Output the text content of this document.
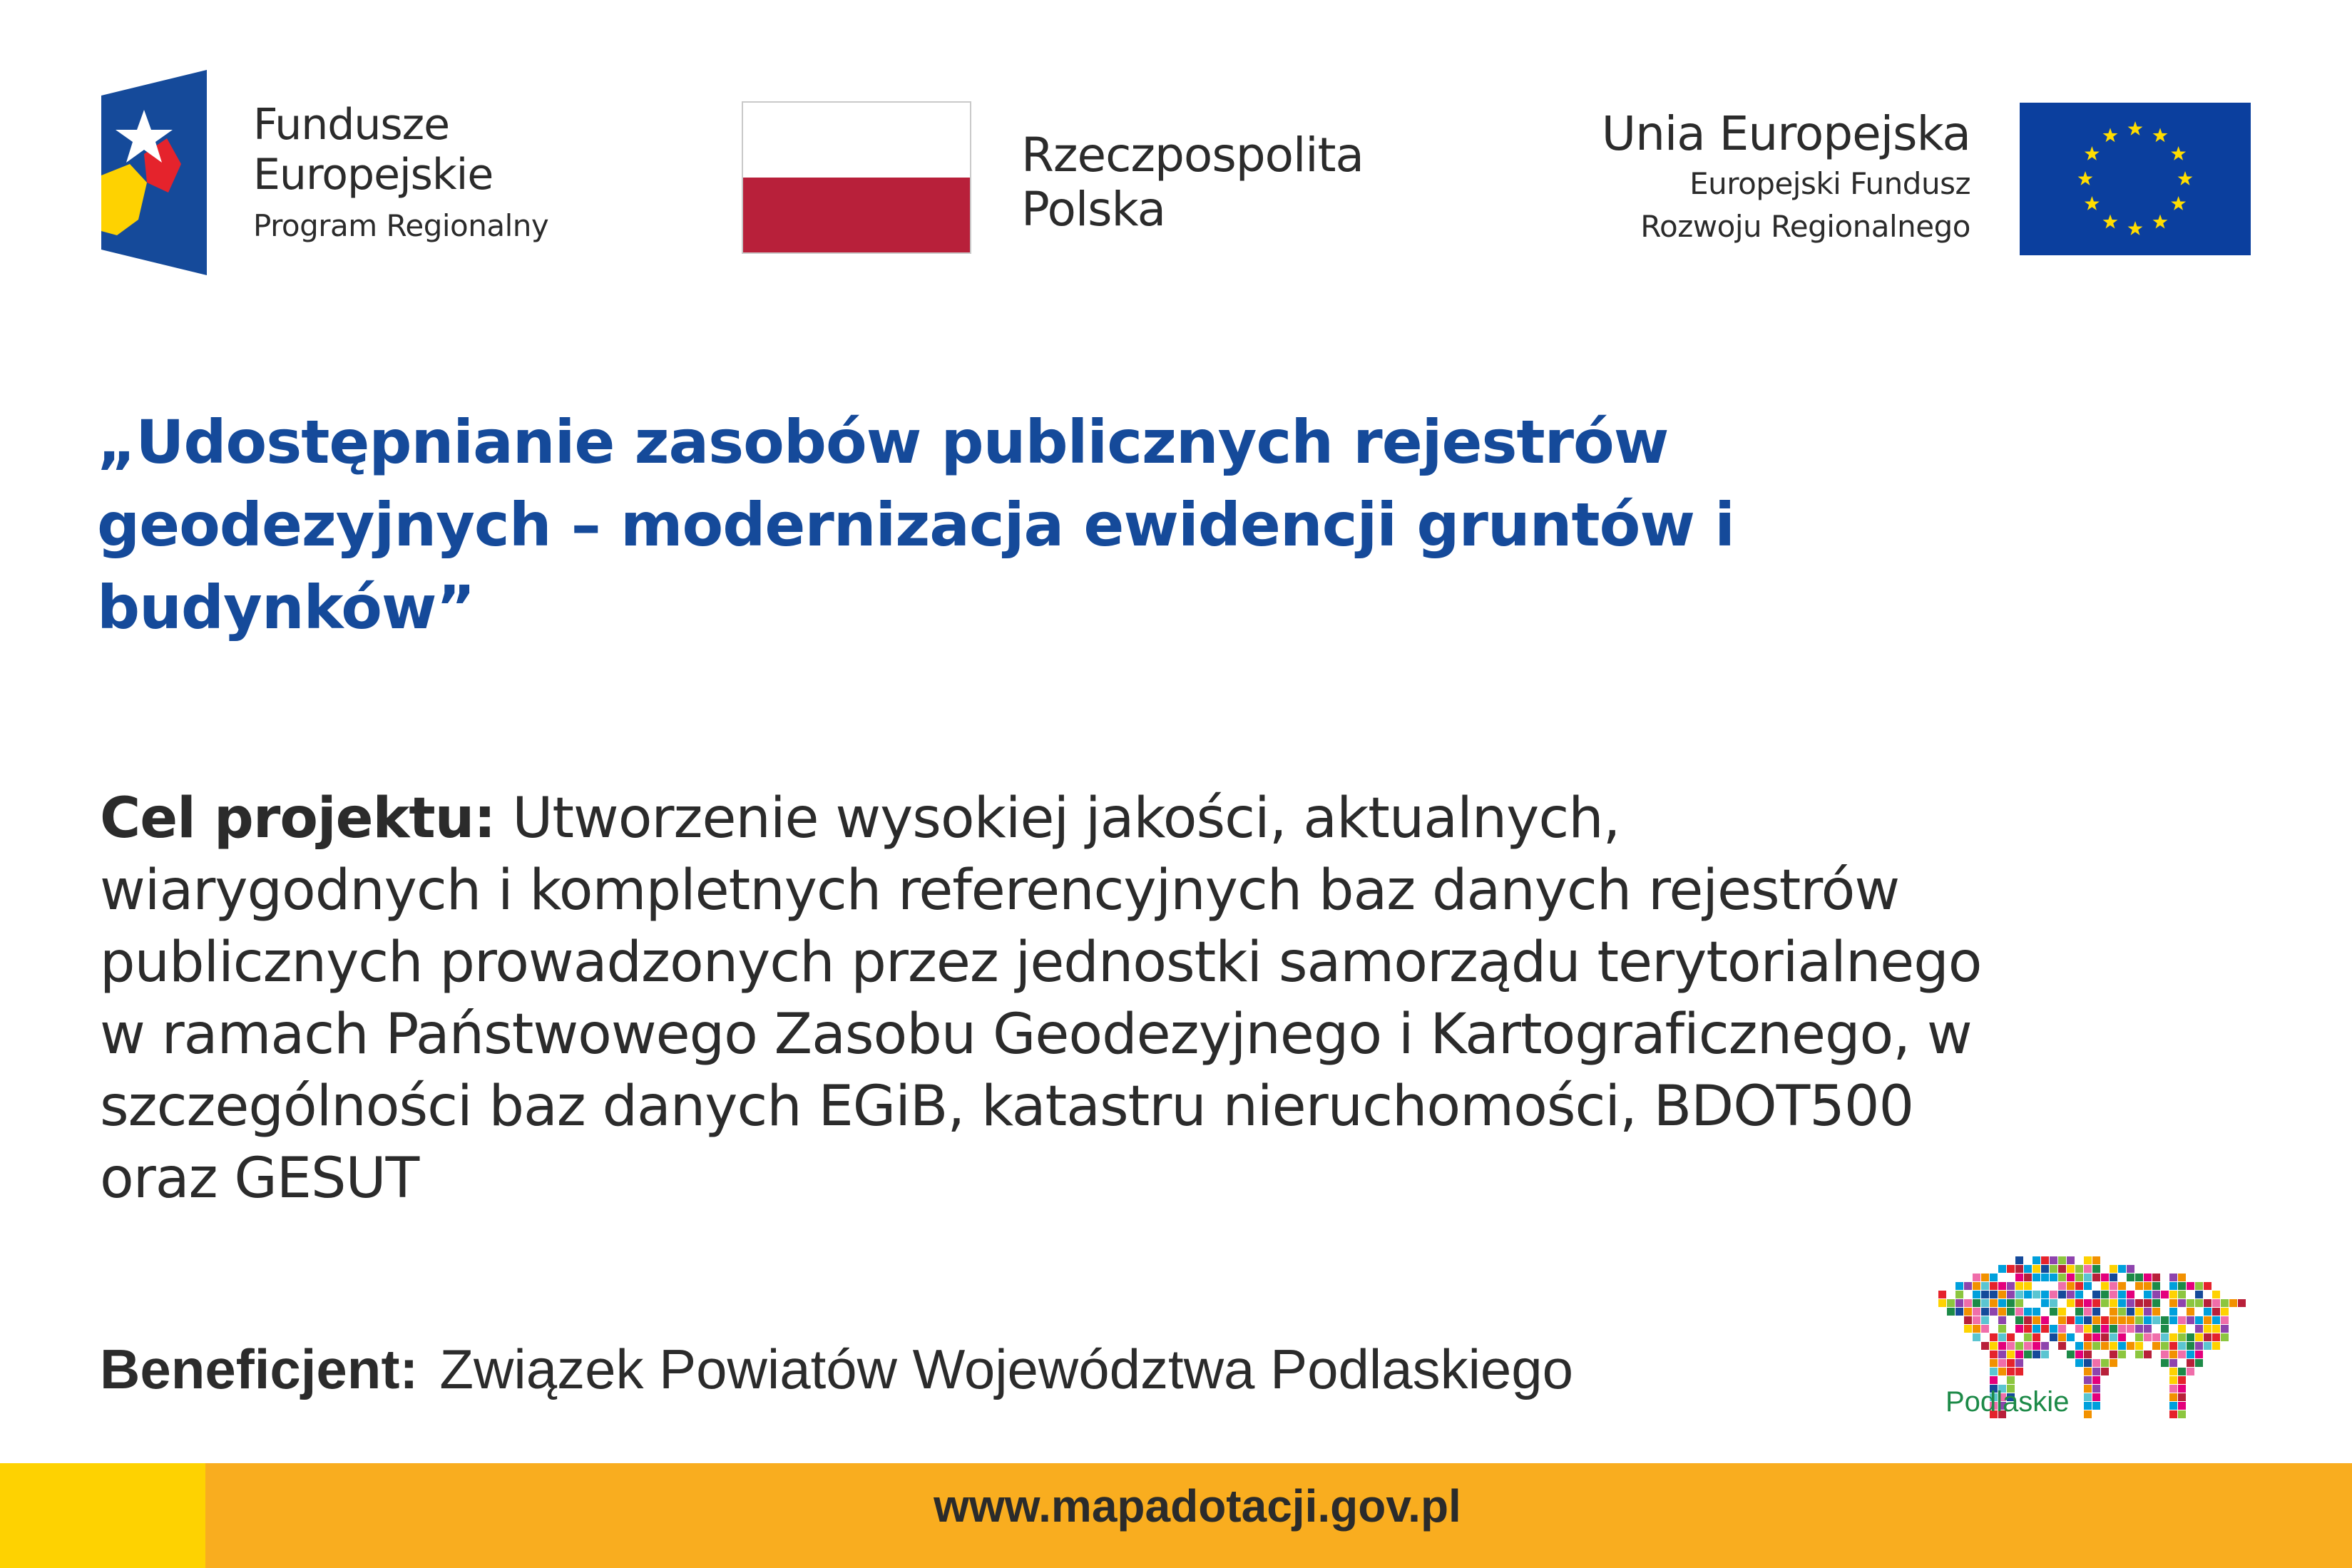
Fundusze
Europejskie
Program Regionalny
Rzeczpospolita
Polska
Unia Europejska
Europejski Fundusz
Rozwoju Regionalnego
„Udostępnianie zasobów publicznych rejestrów geodezyjnych – modernizacja ewidencji gruntów i budynków”

Cel projektu: Utworzenie wysokiej jakości, aktualnych, wiarygodnych i kompletnych referencyjnych baz danych rejestrów publicznych prowadzonych przez jednostki samorządu terytorialnego w ramach Państwowego Zasobu Geodezyjnego i Kartograficznego, w szczególności baz danych EGiB, katastru nieruchomości, BDOT500 oraz GESUT

Beneficjent: Związek Powiatów Województwa Podlaskiego
Podlaskie
www.mapadotacji.gov.pl
